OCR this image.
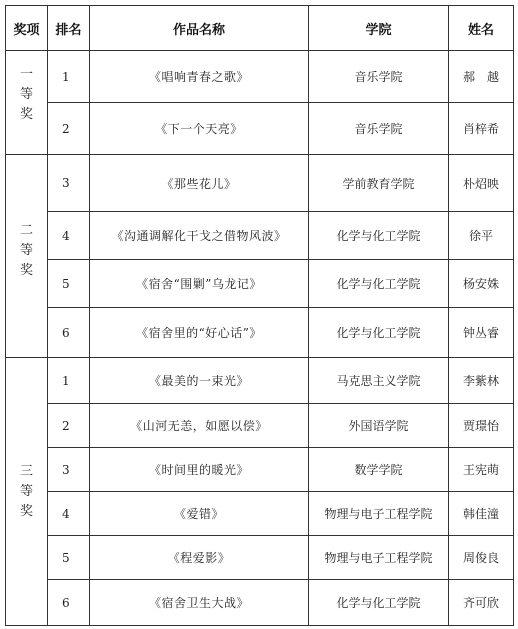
奖项	排名	作品名称	学院	姓名
一等奖	1	《唱响青春之歌》	音乐学院	郝　越
	2	《下一个天亮》	音乐学院	肖梓希
二等奖	3	《那些花儿》	学前教育学院	朴炤映
	4	《沟通调解化干戈之借物风波》	化学与化工学院	徐平
	5	《宿舍“围剿”乌龙记》	化学与化工学院	杨安姝
	6	《宿舍里的“好心话”》	化学与化工学院	钟丛睿
三等奖	1	《最美的一束光》	马克思主义学院	李紫林
	2	《山河无恙，如愿以偿》	外国语学院	贾璟怡
	3	《时间里的暖光》	数学学院	王宪萌
	4	《爱错》	物理与电子工程学院	韩佳潼
	5	《程爱影》	物理与电子工程学院	周俊良
	6	《宿舍卫生大战》	化学与化工学院	齐可欣
